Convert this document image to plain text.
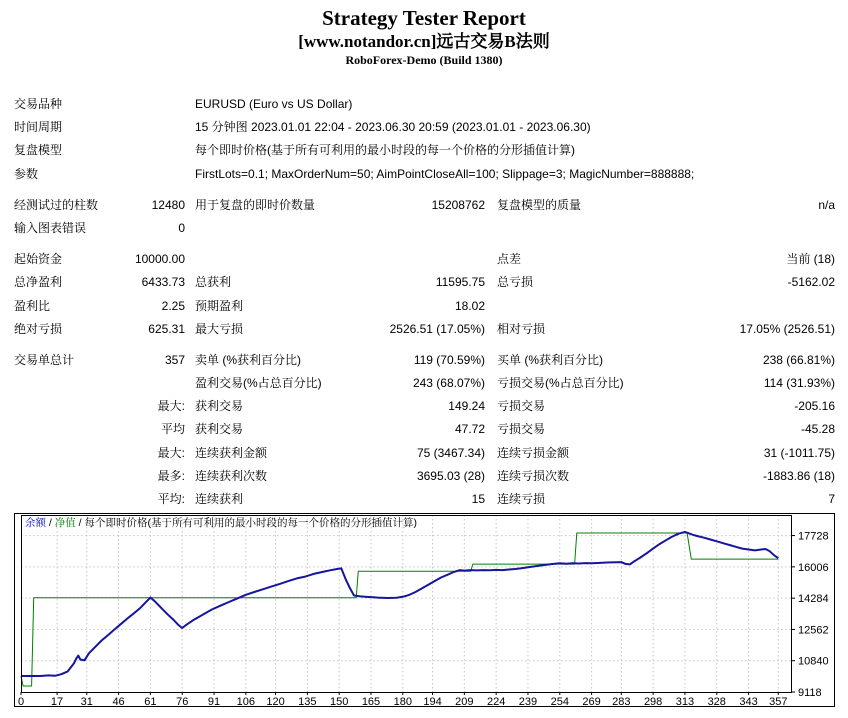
Strategy Tester Report
[www.notandor.cn]远古交易B法则
RoboForex-Demo (Build 1380)
交易品种	EURUSD (Euro vs US Dollar)
时间周期	15 分钟图 2023.01.01 22:04 - 2023.06.30 20:59 (2023.01.01 - 2023.06.30)
复盘模型	每个即时价格(基于所有可利用的最小时段的每一个价格的分形插值计算)
参数	FirstLots=0.1; MaxOrderNum=50; AimPointCloseAll=100; Slippage=3; MagicNumber=888888;
经测试过的柱数	12480 用于复盘的即时价数量	15208762	复盘模型的质量	n/a
输入图表错误	0
起始资金	10000.00	点差	当前 (18)
总净盈利	6433.73 总获利	11595.75	总亏损	-5162.02
盈利比	2.25 预期盈利	18.02
绝对亏损	625.31 最大亏损	2526.51 (17.05%)	相对亏损	17.05% (2526.51)
交易单总计	357 卖单 (%获利百分比)	119 (70.59%)	买单 (%获利百分比)	238 (66.81%)
盈利交易(%占总百分比)	243 (68.07%)	亏损交易(%占总百分比)	114 (31.93%)
最大: 获利交易	149.24	亏损交易	-205.16
平均 获利交易	47.72	亏损交易	-45.28
最大: 连续获利金额	75 (3467.34)	连续亏损金额	31 (-1011.75)
最多: 连续获利次数	3695.03 (28)	连续亏损次数	-1883.86 (18)
平均: 连续获利	15	连续亏损	7
0 17 31 46 61 76 91 106 120 135 150 165 180 194 209 224 239 254 269 283 298 313 328 343 357
9118
10840
12562
14284
16006
17728
余额 / 净值 / 每个即时价格(基于所有可利用的最小时段的每一个价格的分形插值计算)
